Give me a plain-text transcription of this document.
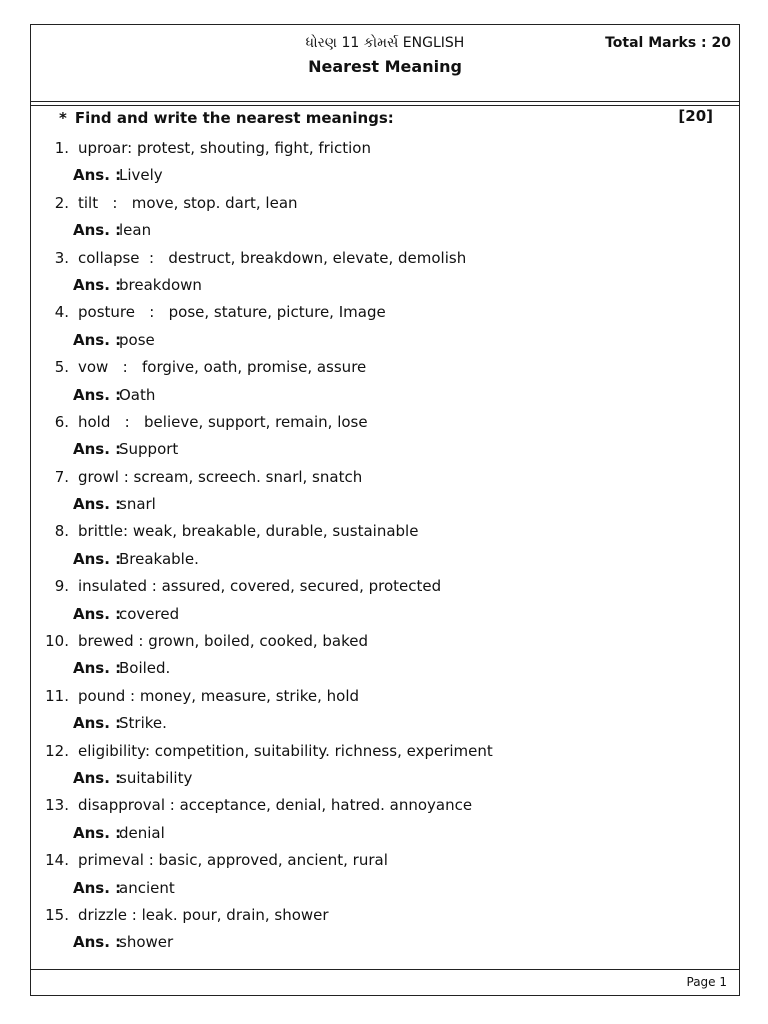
ધોરણ 11 કોમર્સ ENGLISH	Total Marks : 20
Nearest Meaning
* Find and write the nearest meanings:	[20]
1. uproar: protest, shouting, fight, friction
Ans. :
Lively
2. tilt   :   move, stop. dart, lean
Ans. :
lean
3. collapse  :   destruct, breakdown, elevate, demolish
Ans. :
breakdown
4. posture   :   pose, stature, picture, Image
Ans. :
pose
5. vow   :   forgive, oath, promise, assure
Ans. :
Oath
6. hold   :   believe, support, remain, lose
Ans. :
Support
7. growl : scream, screech. snarl, snatch
Ans. :
snarl
8. brittle: weak, breakable, durable, sustainable
Ans. :
Breakable.
9. insulated : assured, covered, secured, protected
Ans. :
covered
10. brewed : grown, boiled, cooked, baked
Ans. :
Boiled.
11. pound : money, measure, strike, hold
Ans. :
Strike.
12. eligibility: competition, suitability. richness, experiment
Ans. :
suitability
13. disapproval : acceptance, denial, hatred. annoyance
Ans. :
denial
14. primeval : basic, approved, ancient, rural
Ans. :
ancient
15. drizzle : leak. pour, drain, shower
Ans. :
shower
Page 1
